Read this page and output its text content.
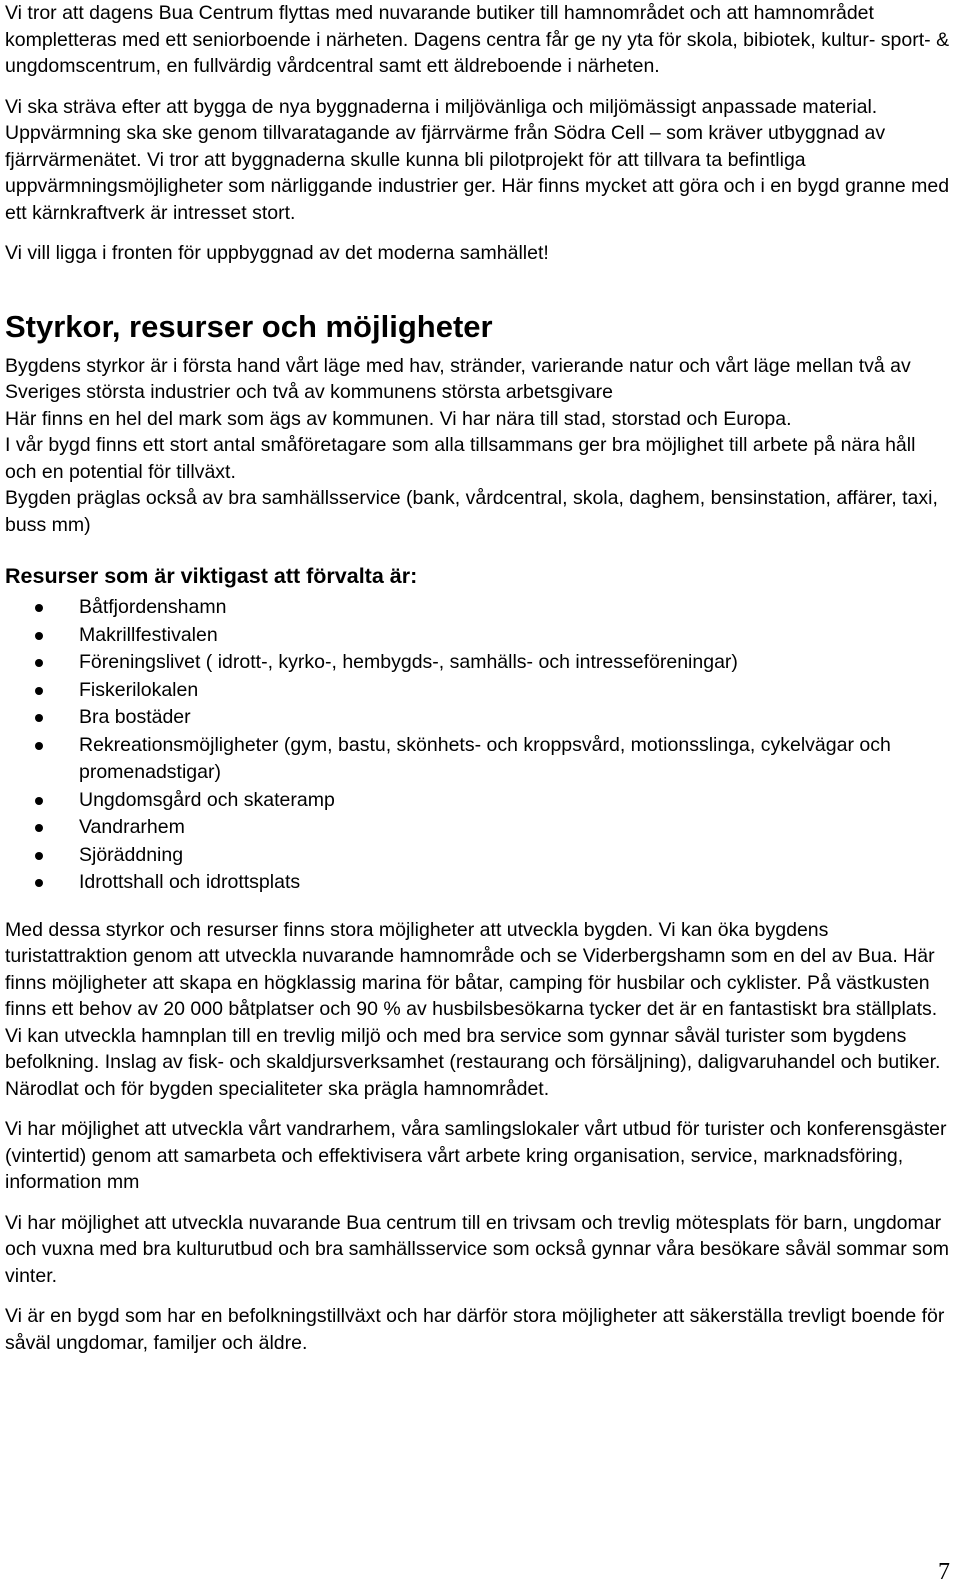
Vi tror att dagens Bua Centrum flyttas med nuvarande butiker till hamnområdet och att hamnområdet kompletteras med ett seniorboende i närheten. Dagens centra får ge ny yta för skola, bibiotek, kultur- sport- & ungdomscentrum, en fullvärdig vårdcentral samt ett äldreboende i närheten.

Vi ska sträva efter att bygga de nya byggnaderna i miljövänliga och miljömässigt anpassade material. Uppvärmning ska ske genom tillvaratagande av fjärrvärme från Södra Cell – som kräver utbyggnad av fjärrvärmenätet. Vi tror att byggnaderna skulle kunna bli pilotprojekt för att tillvara ta befintliga uppvärmningsmöjligheter som närliggande industrier ger. Här finns mycket att göra och i en bygd granne med ett kärnkraftverk är intresset stort.

Vi vill ligga i fronten för uppbyggnad av det moderna samhället!

Styrkor, resurser och möjligheter

Bygdens styrkor är i första hand vårt läge med hav, stränder, varierande natur och vårt läge mellan två av Sveriges största industrier och två av kommunens största arbetsgivare

Här finns en hel del mark som ägs av kommunen. Vi har nära till stad, storstad och Europa.

I vår bygd finns ett stort antal småföretagare som alla tillsammans ger bra möjlighet till arbete på nära håll och en potential för tillväxt.

Bygden präglas också av bra samhällsservice (bank, vårdcentral, skola, daghem, bensinstation, affärer, taxi, buss mm)

Resurser som är viktigast att förvalta är:
Båtfjordenshamn
Makrillfestivalen
Föreningslivet ( idrott-, kyrko-, hembygds-, samhälls- och intresseföreningar)
Fiskerilokalen
Bra bostäder
Rekreationsmöjligheter (gym, bastu, skönhets- och kroppsvård, motionsslinga, cykelvägar och promenadstigar)
Ungdomsgård och skateramp
Vandrarhem
Sjöräddning
Idrottshall och idrottsplats

Med dessa styrkor och resurser finns stora möjligheter att utveckla bygden. Vi kan öka bygdens turistattraktion genom att utveckla nuvarande hamnområde och se Viderbergshamn som en del av Bua. Här finns möjligheter att skapa en högklassig marina för båtar, camping för husbilar och cyklister. På västkusten finns ett behov av 20 000 båtplatser och 90 % av husbilsbesökarna tycker det är en fantastiskt bra ställplats. Vi kan utveckla hamnplan till en trevlig miljö och med bra service som gynnar såväl turister som bygdens befolkning. Inslag av fisk- och skaldjursverksamhet (restaurang och försäljning), daligvaruhandel och butiker. Närodlat och för bygden specialiteter ska prägla hamnområdet.

Vi har möjlighet att utveckla vårt vandrarhem, våra samlingslokaler vårt utbud för turister och konferensgäster (vintertid) genom att samarbeta och effektivisera vårt arbete kring organisation, service, marknadsföring, information mm

Vi har möjlighet att utveckla nuvarande Bua centrum till en trivsam och trevlig mötesplats för barn, ungdomar och vuxna med bra kulturutbud och bra samhällsservice som också gynnar våra besökare såväl sommar som vinter.

Vi är en bygd som har en befolkningstillväxt och har därför stora möjligheter att säkerställa trevligt boende för såväl ungdomar, familjer och äldre.

7
